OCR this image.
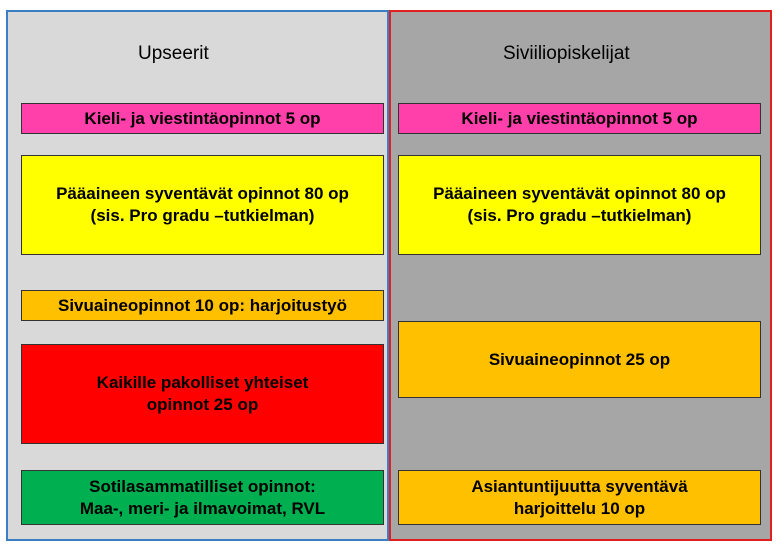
Upseerit
Kieli- ja viestintäopinnot 5 op
Pääaineen syventävät opinnot 80 op
(sis. Pro gradu –tutkielman)
Sivuaineopinnot 10 op: harjoitustyö
Kaikille pakolliset yhteiset
opinnot 25 op
Sotilasammatilliset opinnot:
Maa-, meri- ja ilmavoimat, RVL
Siviiliopiskelijat
Kieli- ja viestintäopinnot 5 op
Pääaineen syventävät opinnot 80 op
(sis. Pro gradu –tutkielman)
Sivuaineopinnot 25 op
Asiantuntijuutta syventävä
harjoittelu 10 op
